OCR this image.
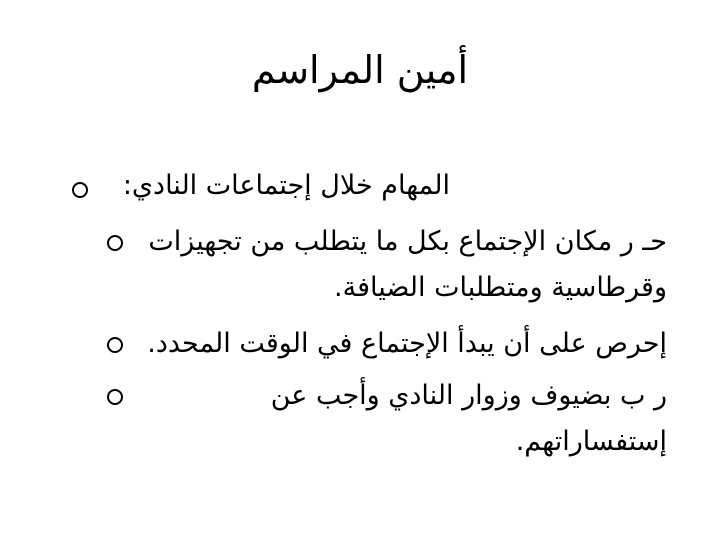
أمين المراسم
المهام خلال إجتماعات النادي:
حـ ر مكان الإجتماع بكل ما يتطلب من تجهيزات
وقرطاسية ومتطلبات الضيافة.
إحرص على أن يبدأ الإجتماع في الوقت المحدد.
ر ب بضيوف وزوار النادي وأجب عن
إستفساراتهم.
